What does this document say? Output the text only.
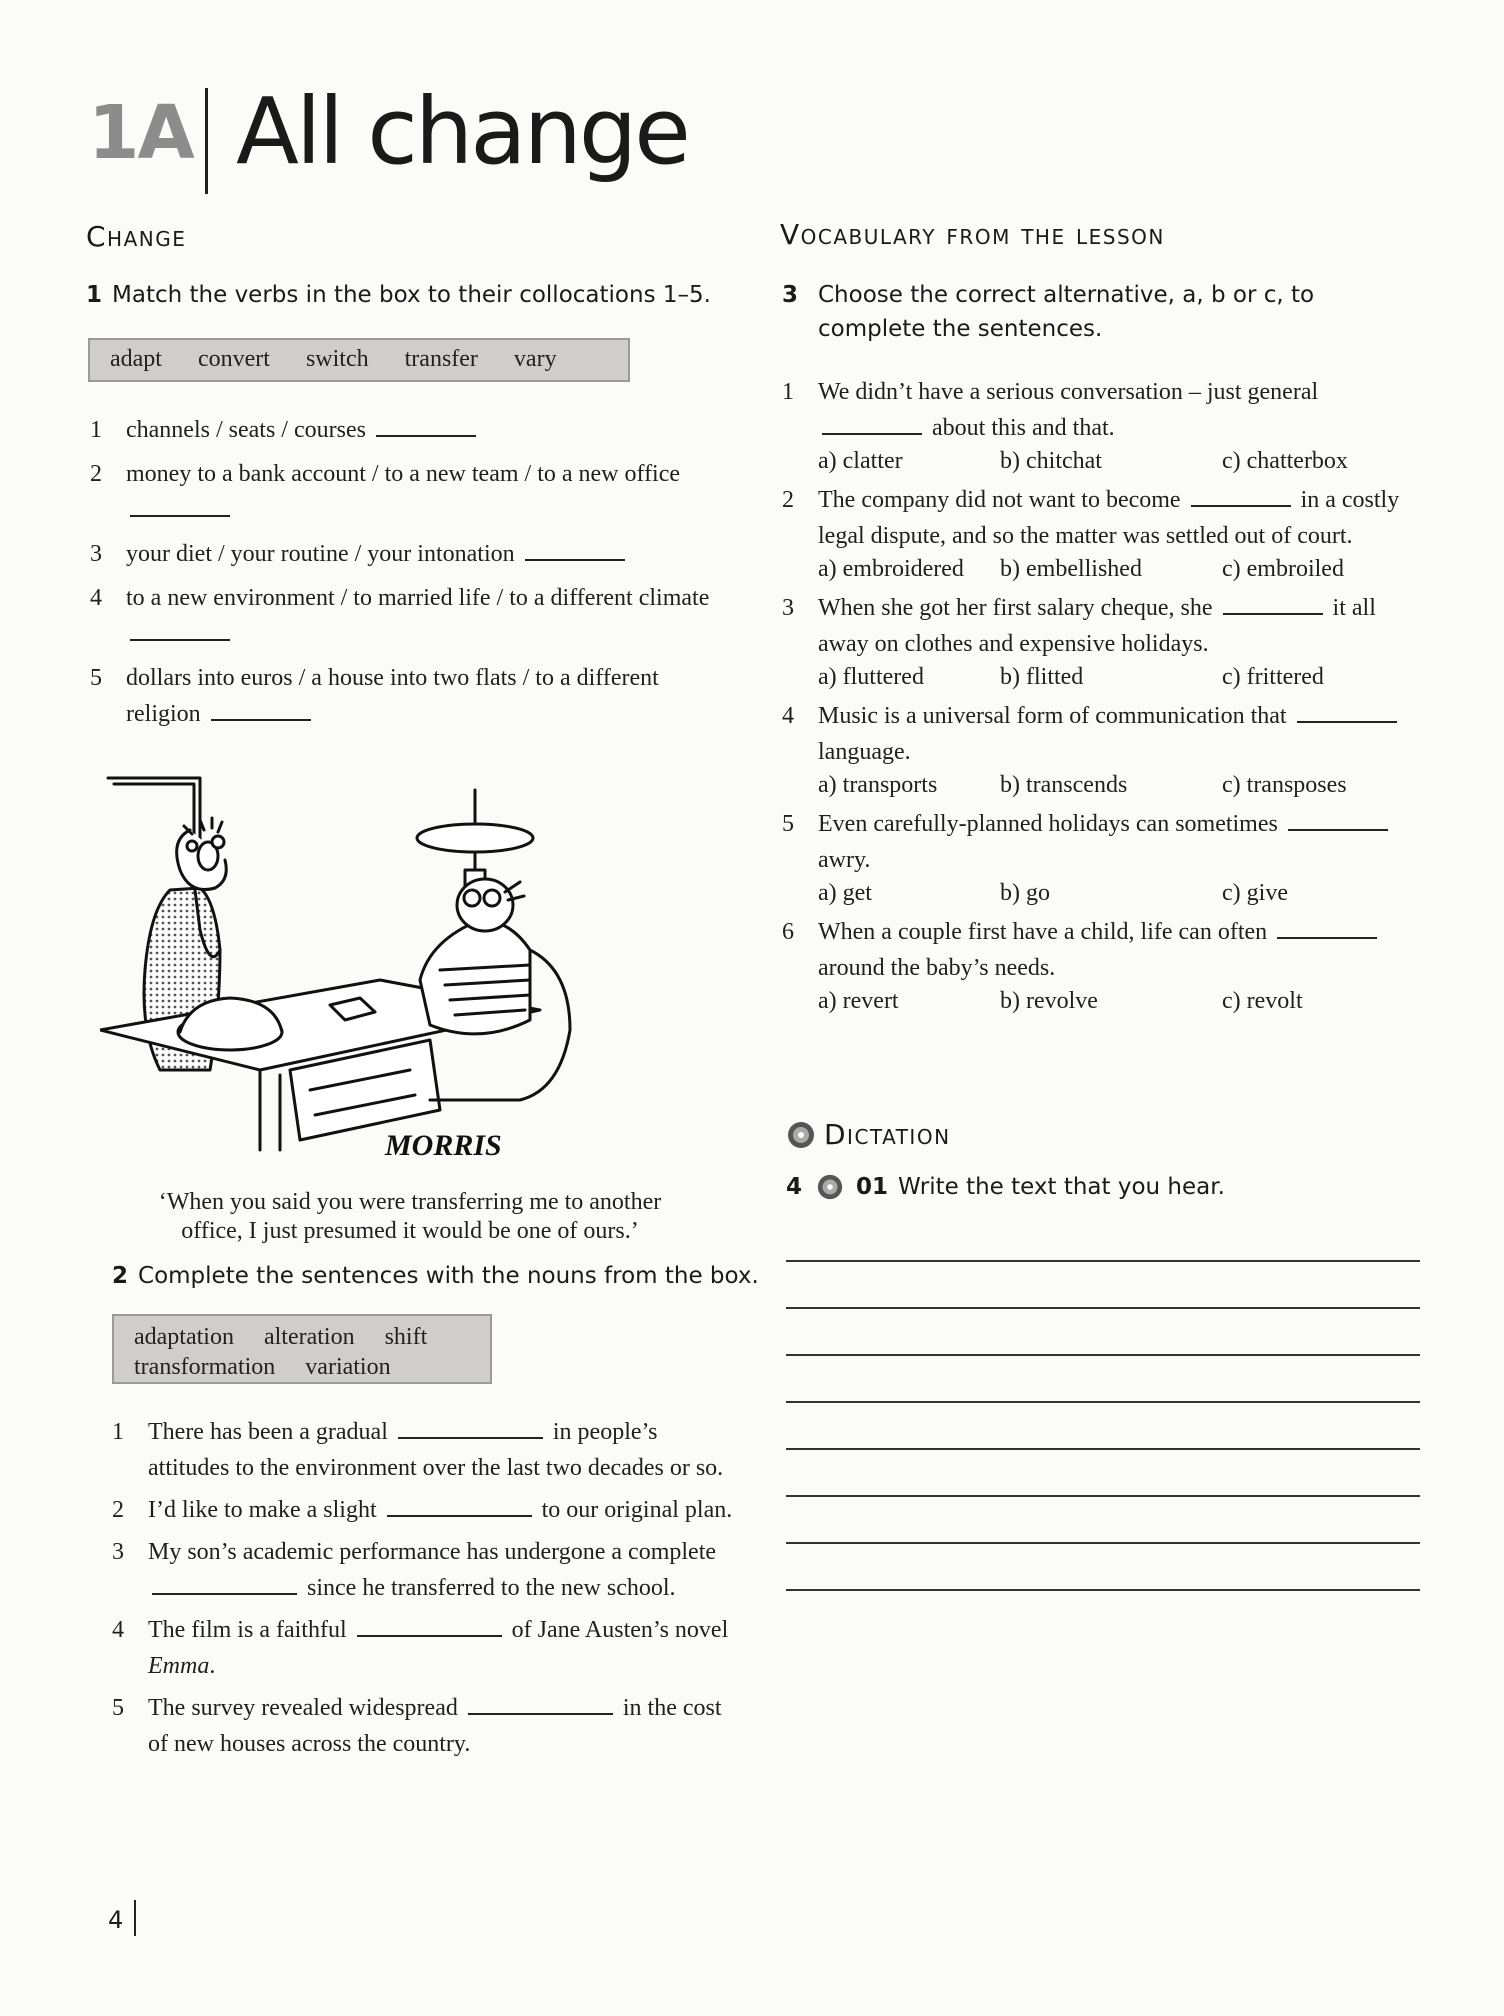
1A All change
Change
1 Match the verbs in the box to their collocations 1–5.
adapt convert switch transfer vary
1 channels / seats / courses
2 money to a bank account / to a new team / to a new office
3 your diet / your routine / your intonation
4 to a new environment / to married life / to a different climate
5 dollars into euros / a house into two flats / to a different religion
MORRIS
‘When you said you were transferring me to another
office, I just presumed it would be one of ours.’
2 Complete the sentences with the nouns from the box.
adaptation alteration shift
transformation variation
1 There has been a gradual	in people’s attitudes to the environment over the last two decades or so.
2 I’d like to make a slight	to our original plan.
3 My son’s academic performance has undergone a complete  since he transferred to the new school.
4 The film is a faithful	of Jane Austen’s novel Emma.
5 The survey revealed widespread	in the cost of new houses across the country.
4
Vocabulary from the lesson
3 Choose the correct alternative, a, b or c, to complete the sentences.
1 We didn’t have a serious conversation – just general  about this and that.
a) clatter	b) chitchat	c) chatterbox
2 The company did not want to become	in a costly legal dispute, and so the matter was settled out of court.
a) embroidered	b) embellished	c) embroiled
3 When she got her first salary cheque, she	it all away on clothes and expensive holidays.
a) fluttered	b) flitted	c) frittered
4 Music is a universal form of communication that  language.
a) transports	b) transcends	c) transposes
5 Even carefully-planned holidays can sometimes  awry.
a) get	b) go	c) give
6 When a couple first have a child, life can often  around the baby’s needs.
a) revert	b) revolve	c) revolt
Dictation
4 01 Write the text that you hear.
